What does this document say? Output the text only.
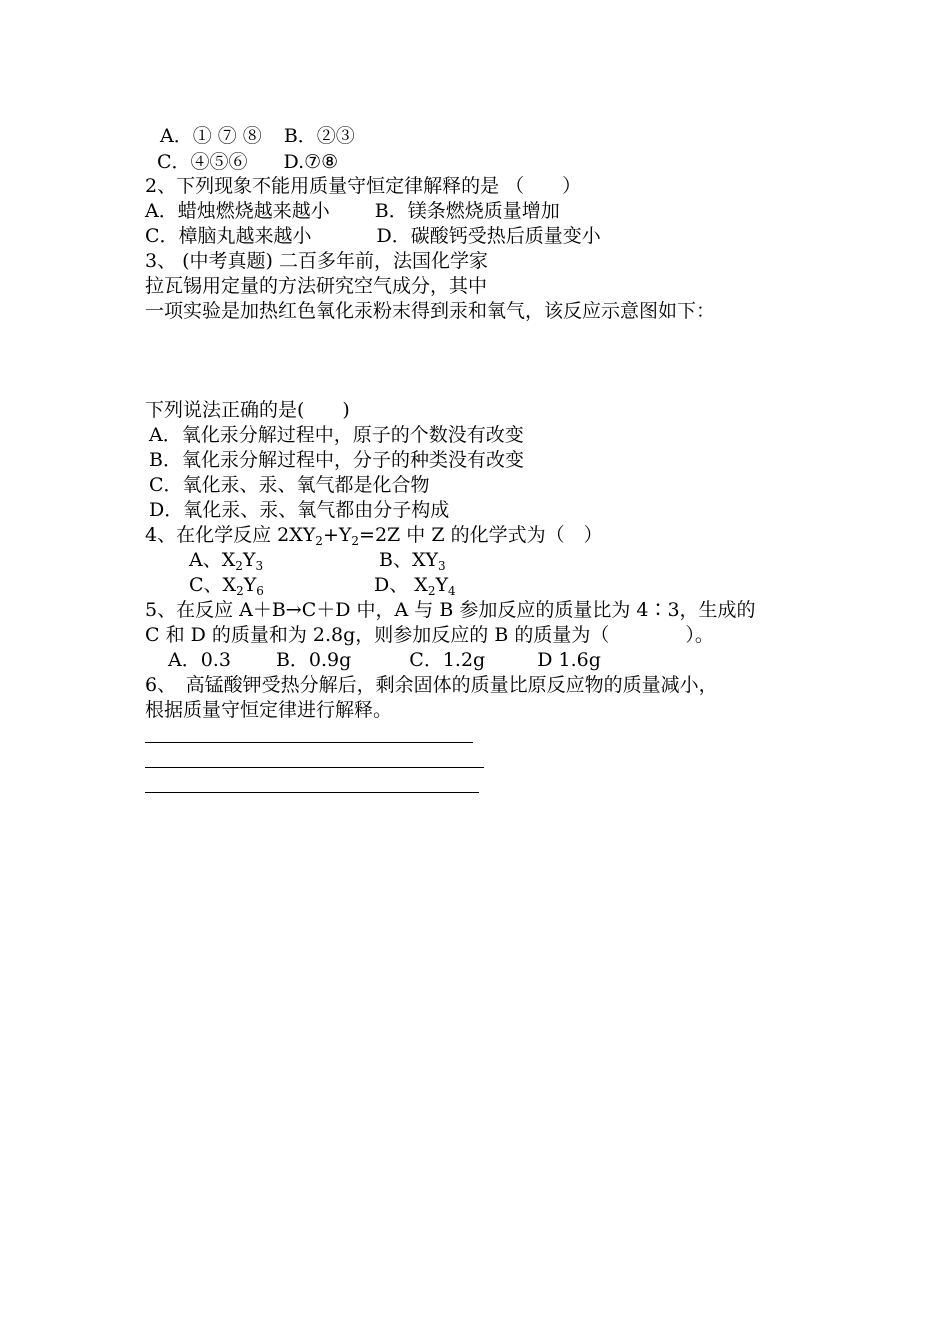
A．① ⑦ ⑧ B．②③
C．④⑤⑥ D.⑦⑧
2、下列现象不能用质量守恒定律解释的是 （　　）
A．蜡烛燃烧越来越小 B．镁条燃烧质量增加
C．樟脑丸越来越小	D．碳酸钙受热后质量变小
3、 (中考真题) 二百多年前，法国化学家
拉瓦锡用定量的方法研究空气成分，其中
一项实验是加热红色氧化汞粉末得到汞和氧气，该反应示意图如下：
下列说法正确的是(　　)
A．氧化汞分解过程中，原子的个数没有改变
B．氧化汞分解过程中，分子的种类没有改变
C．氧化汞、汞、氧气都是化合物
D．氧化汞、汞、氧气都由分子构成
4、在化学反应 $2XY_2+Y_2=2Z$ 中 Z 的化学式为（　）
A、$X_2Y_3$	B、$XY_3$
C、$X_2Y_6$	D、 $X_2Y_4$
5、在反应 A＋B→C＋D 中，A 与 B 参加反应的质量比为 4∶3，生成的
C 和 D 的质量和为 2.8g，则参加反应的 B 的质量为（　　　　）。
A．0.3 B．0.9g	C．1.2g	D 1.6g
6、　高锰酸钾受热分解后，剩余固体的质量比原反应物的质量减小，
根据质量守恒定律进行解释。
